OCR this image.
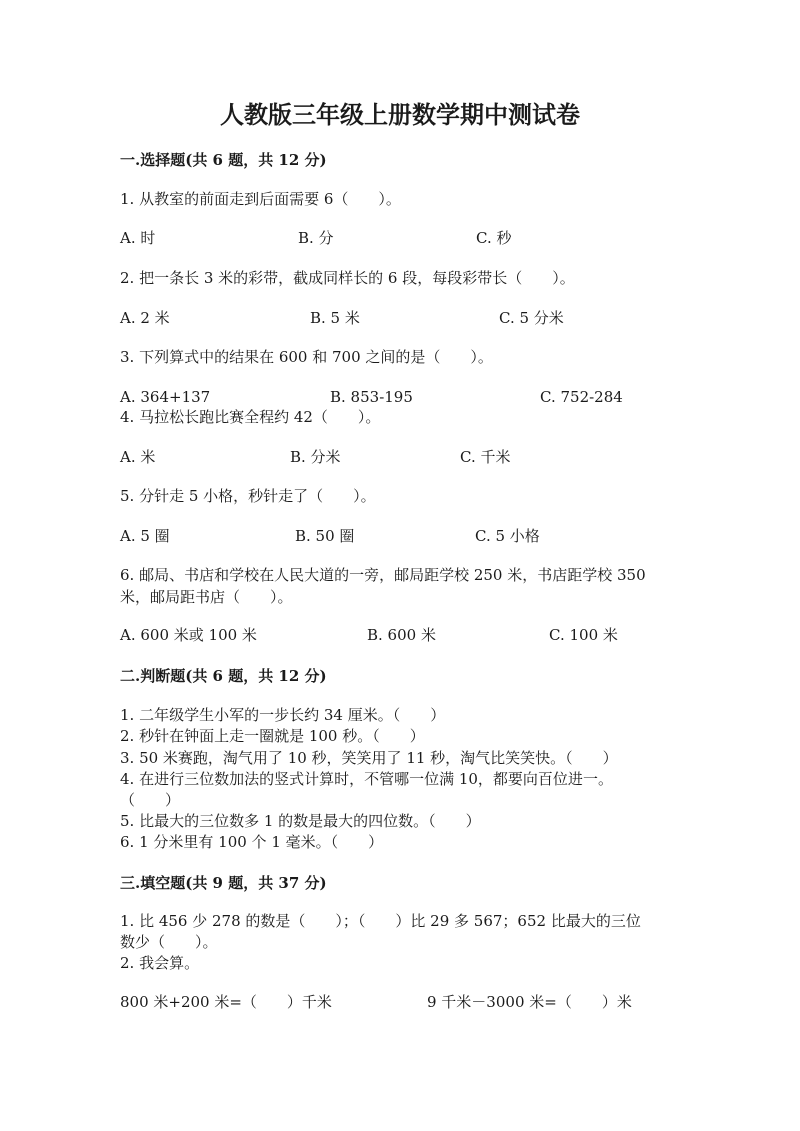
人教版三年级上册数学期中测试卷
一.选择题(共 6 题，共 12 分)
1. 从教室的前面走到后面需要 6（　　）。
A. 时	B. 分	C. 秒
2. 把一条长 3 米的彩带，截成同样长的 6 段，每段彩带长（　　）。
A. 2 米	B. 5 米	C. 5 分米
3. 下列算式中的结果在 600 和 700 之间的是（　　）。
A. 364+137	B. 853-195	C. 752-284
4. 马拉松长跑比赛全程约 42（　　）。
A. 米	B. 分米	C. 千米
5. 分针走 5 小格，秒针走了（　　）。
A. 5 圈	B. 50 圈	C. 5 小格
6. 邮局、书店和学校在人民大道的一旁，邮局距学校 250 米，书店距学校 350
米，邮局距书店（　　）。
A. 600 米或 100 米	B. 600 米	C. 100 米
二.判断题(共 6 题，共 12 分)
1. 二年级学生小军的一步长约 34 厘米。（　　）
2. 秒针在钟面上走一圈就是 100 秒。（　　）
3. 50 米赛跑，淘气用了 10 秒，笑笑用了 11 秒，淘气比笑笑快。（　　）
4. 在进行三位数加法的竖式计算时，不管哪一位满 10，都要向百位进一。
（　　）
5. 比最大的三位数多 1 的数是最大的四位数。（　　）
6. 1 分米里有 100 个 1 毫米。（　　）
三.填空题(共 9 题，共 37 分)
1. 比 456 少 278 的数是（　　）；（　　）比 29 多 567；652 比最大的三位
数少（　　）。
2. 我会算。
800 米+200 米=（　　）千米	9 千米－3000 米=（　　）米
